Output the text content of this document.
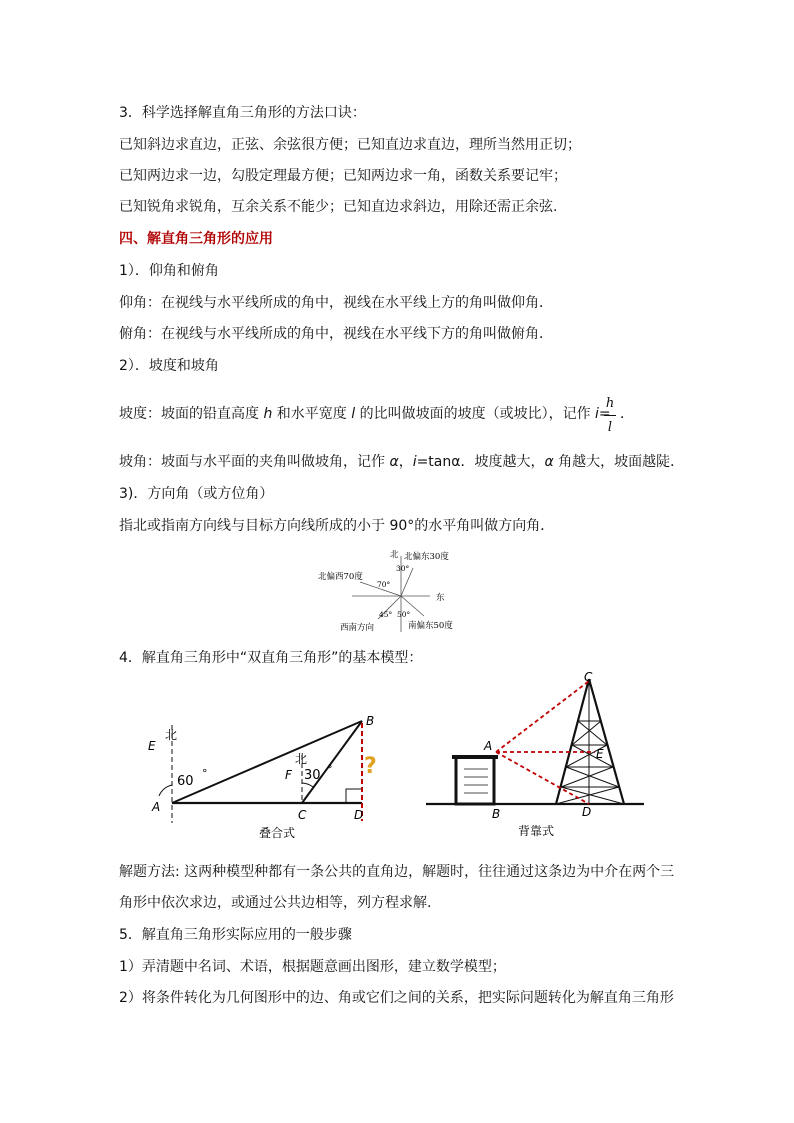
3．科学选择解直角三角形的方法口诀：
已知斜边求直边，正弦、余弦很方便；已知直边求直边，理所当然用正切；
已知两边求一边，勾股定理最方便；已知两边求一角，函数关系要记牢；
已知锐角求锐角，互余关系不能少；已知直边求斜边，用除还需正余弦.
四、解直角三角形的应用
1）．仰角和俯角
仰角：在视线与水平线所成的角中，视线在水平线上方的角叫做仰角．
俯角：在视线与水平线所成的角中，视线在水平线下方的角叫做俯角．
2）．坡度和坡角
坡度：坡面的铅直高度 h 和水平宽度 l 的比叫做坡面的坡度（或坡比），记作 i=
h
l
．
坡角：坡面与水平面的夹角叫做坡角，记作 α，i=tanα．坡度越大，α 角越大，坡面越陡．
3)．方向角（或方位角）
指北或指南方向线与目标方向线所成的小于 90°的水平角叫做方向角．
北 北偏东30度
30°
北偏西70度
70°
东
45° 50°
西南方向	南偏东50度
4．解直角三角形中“双直角三角形”的基本模型：
E
北
60
°
A
北
F 30 °
B
C	D
?
叠合式
A
B
C
D
E
背靠式
解题方法: 这两种模型种都有一条公共的直角边，解题时，往往通过这条边为中介在两个三
角形中依次求边，或通过公共边相等，列方程求解.
5．解直角三角形实际应用的一般步骤
1）弄清题中名词、术语，根据题意画出图形，建立数学模型；
2）将条件转化为几何图形中的边、角或它们之间的关系，把实际问题转化为解直角三角形
